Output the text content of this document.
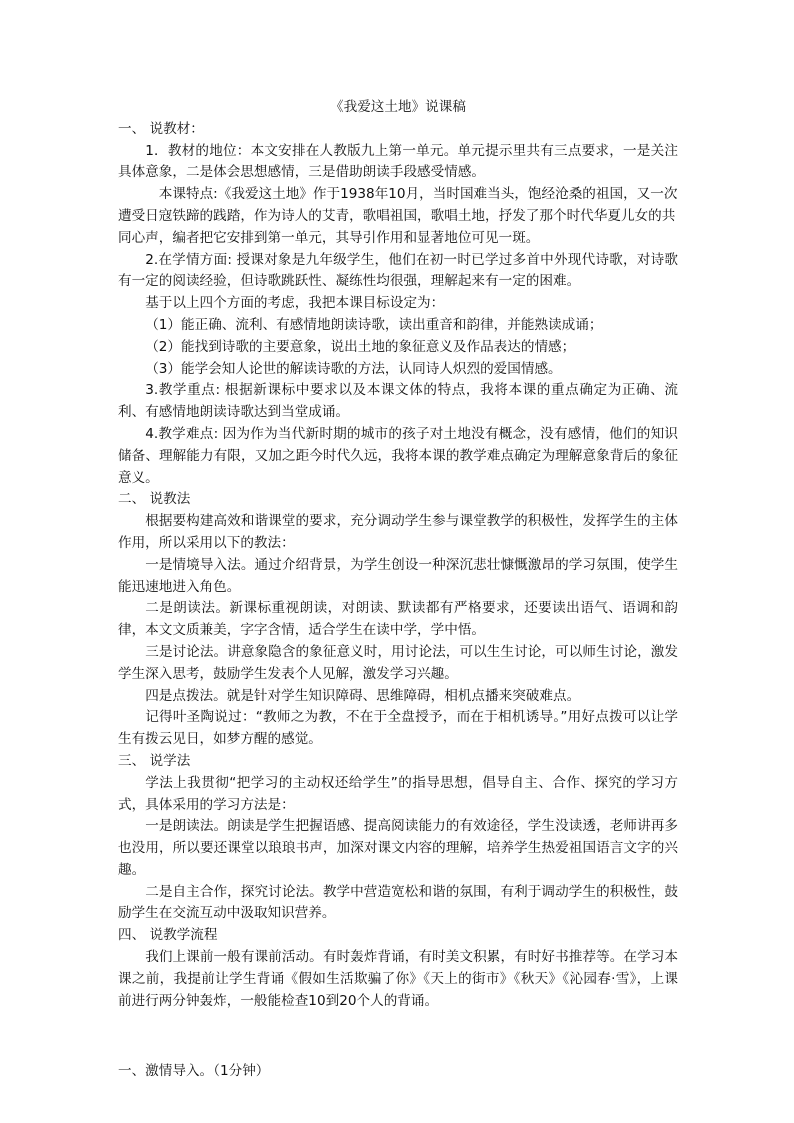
《我爱这土地》说课稿

一、 说教材：

1．教材的地位：本文安排在人教版九上第一单元。单元提示里共有三点要求，一是关注具体意象，二是体会思想感情，三是借助朗读手段感受情感。

本课特点:《我爱这土地》作于1938年10月，当时国难当头，饱经沧桑的祖国，又一次遭受日寇铁蹄的践踏，作为诗人的艾青，歌唱祖国，歌唱土地，抒发了那个时代华夏儿女的共同心声，编者把它安排到第一单元，其导引作用和显著地位可见一斑。

2.在学情方面: 授课对象是九年级学生，他们在初一时已学过多首中外现代诗歌，对诗歌有一定的阅读经验，但诗歌跳跃性、凝练性均很强，理解起来有一定的困难。

基于以上四个方面的考虑，我把本课目标设定为：

（1）能正确、流利、有感情地朗读诗歌，读出重音和韵律，并能熟读成诵；

（2）能找到诗歌的主要意象，说出土地的象征意义及作品表达的情感；

（3）能学会知人论世的解读诗歌的方法，认同诗人炽烈的爱国情感。

3.教学重点: 根据新课标中要求以及本课文体的特点，我将本课的重点确定为正确、流利、有感情地朗读诗歌达到当堂成诵。

4.教学难点: 因为作为当代新时期的城市的孩子对土地没有概念，没有感情，他们的知识储备、理解能力有限，又加之距今时代久远，我将本课的教学难点确定为理解意象背后的象征意义。

二、 说教法

根据要构建高效和谐课堂的要求，充分调动学生参与课堂教学的积极性，发挥学生的主体作用，所以采用以下的教法：

一是情境导入法。通过介绍背景，为学生创设一种深沉悲壮慷慨激昂的学习氛围，使学生能迅速地进入角色。

二是朗读法。新课标重视朗读，对朗读、默读都有严格要求，还要读出语气、语调和韵律，本文文质兼美，字字含情，适合学生在读中学，学中悟。

三是讨论法。讲意象隐含的象征意义时，用讨论法，可以生生讨论，可以师生讨论，激发学生深入思考，鼓励学生发表个人见解，激发学习兴趣。

四是点拨法。就是针对学生知识障碍、思维障碍，相机点播来突破难点。

记得叶圣陶说过：“教师之为教，不在于全盘授予，而在于相机诱导。”用好点拨可以让学生有拨云见日，如梦方醒的感觉。

三、 说学法

学法上我贯彻“把学习的主动权还给学生”的指导思想，倡导自主、合作、探究的学习方式，具体采用的学习方法是：

一是朗读法。朗读是学生把握语感、提高阅读能力的有效途径，学生没读透，老师讲再多也没用，所以要还课堂以琅琅书声，加深对课文内容的理解，培养学生热爱祖国语言文字的兴趣。

二是自主合作，探究讨论法。教学中营造宽松和谐的氛围，有利于调动学生的积极性，鼓励学生在交流互动中汲取知识营养。

四、 说教学流程

我们上课前一般有课前活动。有时轰炸背诵，有时美文积累，有时好书推荐等。在学习本课之前，我提前让学生背诵《假如生活欺骗了你》《天上的街市》《秋天》《沁园春·雪》，上课前进行两分钟轰炸，一般能检查10到20个人的背诵。

一、激情导入。（1分钟）
